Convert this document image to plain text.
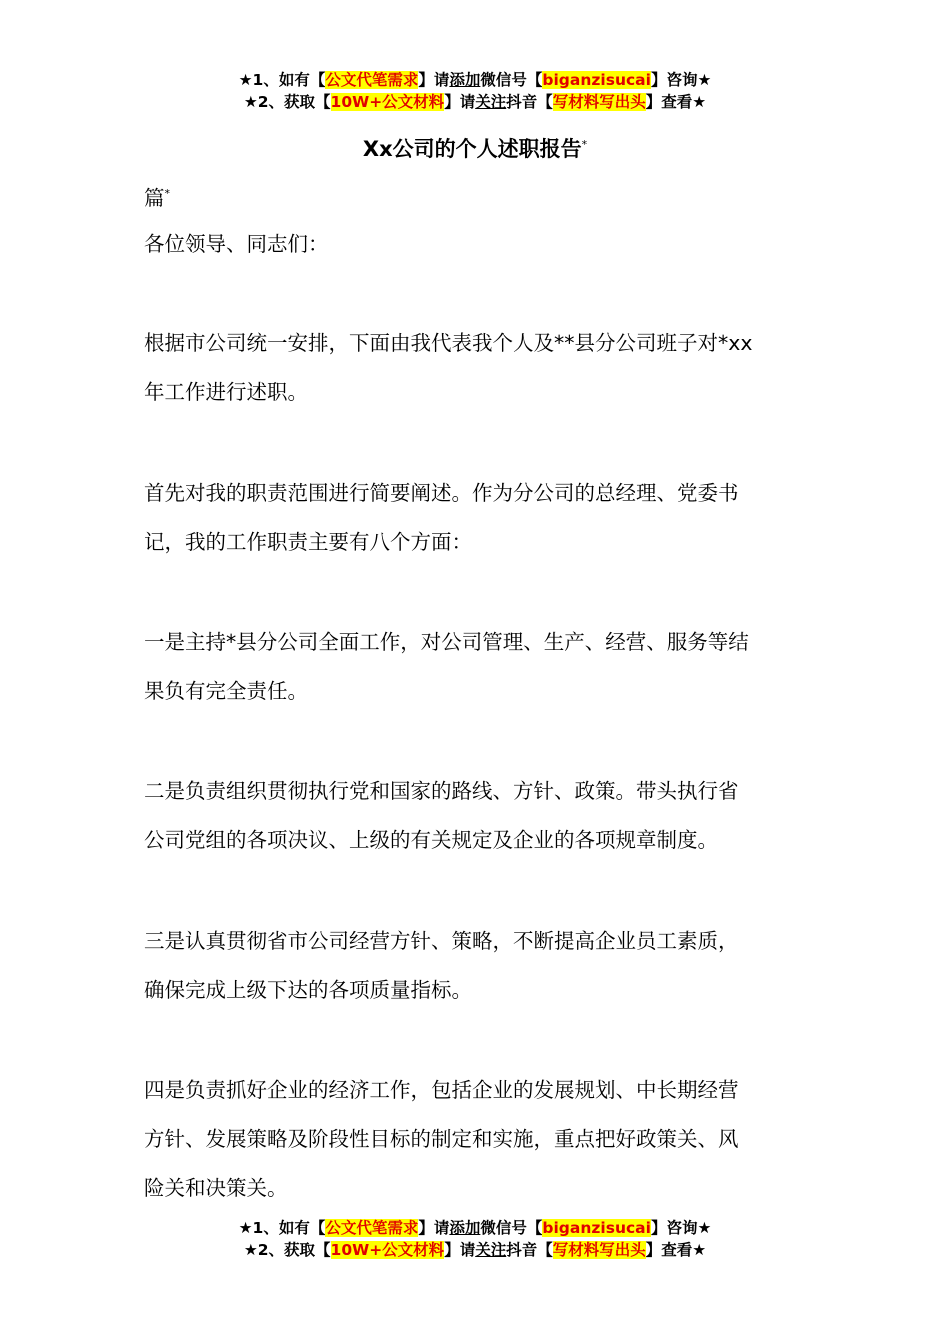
★1、如有【公文代笔需求】请添加微信号【biganzisucai】咨询★
★2、获取【10W+公文材料】请关注抖音【写材料写出头】查看★
Xx公司的个人述职报告*

篇*

各位领导、同志们：

根据市公司统一安排，下面由我代表我个人及**县分公司班子对*xx

年工作进行述职。

首先对我的职责范围进行简要阐述。作为分公司的总经理、党委书

记，我的工作职责主要有八个方面：

一是主持*县分公司全面工作，对公司管理、生产、经营、服务等结

果负有完全责任。

二是负责组织贯彻执行党和国家的路线、方针、政策。带头执行省

公司党组的各项决议、上级的有关规定及企业的各项规章制度。

三是认真贯彻省市公司经营方针、策略，不断提高企业员工素质，

确保完成上级下达的各项质量指标。

四是负责抓好企业的经济工作，包括企业的发展规划、中长期经营

方针、发展策略及阶段性目标的制定和实施，重点把好政策关、风

险关和决策关。

★1、如有【公文代笔需求】请添加微信号【biganzisucai】咨询★
★2、获取【10W+公文材料】请关注抖音【写材料写出头】查看★
